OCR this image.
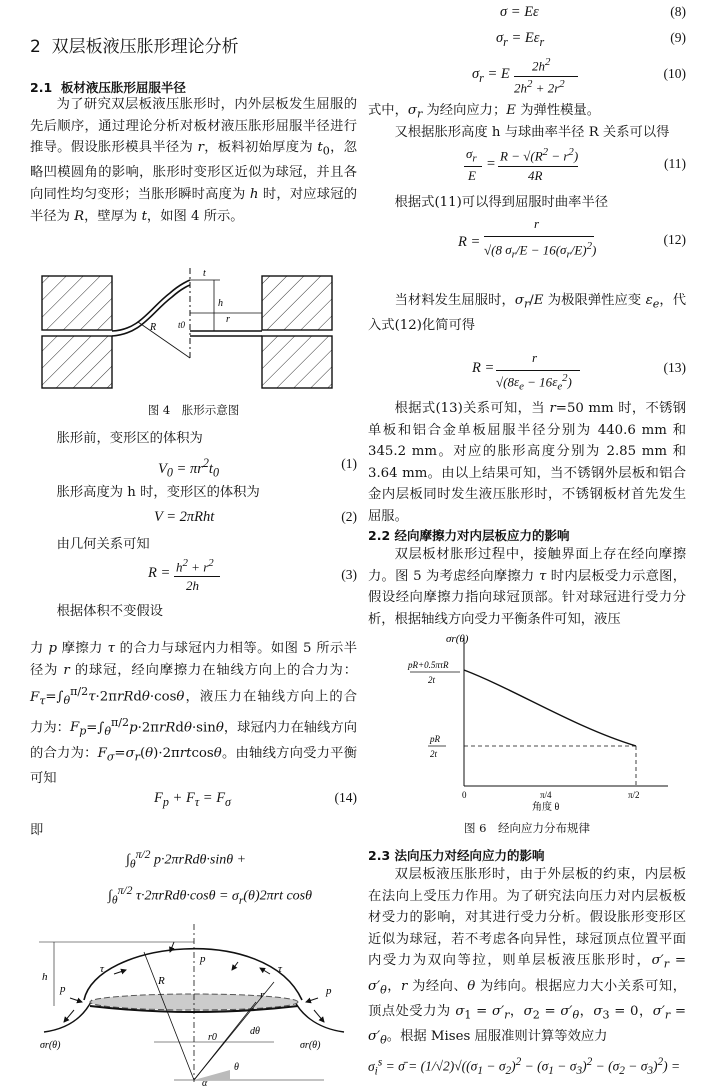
2  双层板液压胀形理论分析
2.1  板材液压胀形屈服半径
为了研究双层板液压胀形时，内外层板发生屈服的先后顺序，通过理论分析对板材液压胀形屈服半径进行推导。假设胀形模具半径为 r，板料初始厚度为 $t_0$，忽略凹模圆角的影响，胀形时变形区近似为球冠，并且各向同性均匀变形；当胀形瞬时高度为 h 时，对应球冠的半径为 R，壁厚为 t，如图 4 所示。
t
h
R t0	r
图 4　胀形示意图
胀形前，变形区的体积为
$V_0 = \pi r^2t_0$
(1)
胀形高度为 h 时，变形区的体积为
V = 2πRht	(2)
由几何关系可知
$R = h^2 + r^2$
2h
(3)
根据体积不变假设
力 p 摩擦力 τ 的合力与球冠内力相等。如图 5 所示半径为 r 的球冠，经向摩擦力在轴线方向上的合力为：$F_\tau=\int_\theta^{\pi/2}\tau\cdot 2\pi rRd\theta\cdot\cos\theta$，液压力在轴线方向上的合力为：$F_p=\int_\theta^{\pi/2}p\cdot 2\pi rRd\theta\cdot\sin\theta$，球冠内力在轴线方向的合力为：$F_\sigma=\sigma_r(\theta)\cdot 2\pi rtcos\theta$。由轴线方向受力平衡可知
$F_p + F_\tau = F_\sigma$	(14)
即
$\int_\theta^{\pi/2}$ p·2πrRdθ·sinθ +
$\int_\theta^{\pi/2}$ $\tau\cdot 2\pi rRd\theta\cdot\cos\theta = \sigma_r(\theta)2\pi rt$ cosθ
h
p	p
p
τ	τ
R
r
r0
dθ
θ
α
σr(θ)	σr(θ)
σ = Eε	(8)
$\sigma_r = E\varepsilon_r$	(9)
$\sigma_r = E$
$2h^2$
$2h^2 + 2r^2$
(10)
式中，$\sigma_r$ 为经向应力；E 为弹性模量。
又根据胀形高度 h 与球曲率半径 R 关系可以得
$\sigma_r$
E
=
$R - √(R^2 - r^2)$
4R
(11)
根据式(11)可以得到屈服时曲率半径
R =
r
√(8 $\sigma_r/E - 16(\sigma_r/E)^2$)
(12)
当材料发生屈服时，$\sigma_r/E$ 为极限弹性应变 $\varepsilon_e$，代入式(12)化简可得
R =
r
$√(8\varepsilon_e - 16\varepsilon_e^2)$
(13)
根据式(13)关系可知，当 r=50 mm 时，不锈钢单板和铝合金单板屈服半径分别为 440.6 mm 和 345.2 mm。对应的胀形高度分别为 2.85 mm 和 3.64 mm。由以上结果可知，当不锈钢外层板和铝合金内层板同时发生液压胀形时，不锈钢板材首先发生屈服。
2.2 经向摩擦力对内层板应力的影响
双层板材胀形过程中，接触界面上存在经向摩擦力。图 5 为考虑经向摩擦力 τ 时内层板受力示意图，假设经向摩擦力指向球冠顶部。针对球冠进行受力分析，根据轴线方向受力平衡条件可知，液压
σr(θ)
pR+0.5πτR
2t
pR
2t
0	π/4	π/2
角度 θ
图 6　经向应力分布规律
2.3 法向压力对经向应力的影响
双层板液压胀形时，由于外层板的约束，内层板在法向上受压力作用。为了研究法向压力对内层板板材受力的影响，对其进行受力分析。假设胀形变形区近似为球冠，若不考虑各向异性，球冠顶点位置平面内受力为双向等拉，则单层板液压胀形时，$\sigma'_r = \sigma'_\theta$，r 为经向、θ 为纬向。根据应力大小关系可知，顶点处受力为 $\sigma_1 = \sigma'_r$，$\sigma_2 = \sigma'_\theta$，$\sigma_3 = 0$，$\sigma'_r = \sigma'_\theta$。根据 Mises 屈服准则计算等效应力
$\sigma_i^s$ = σ̄ = $(1/√2)√((\sigma_1 - \sigma_2)^2 - (\sigma_1 - \sigma_3)^2 - (\sigma_2 - \sigma_3)^2)$ =
